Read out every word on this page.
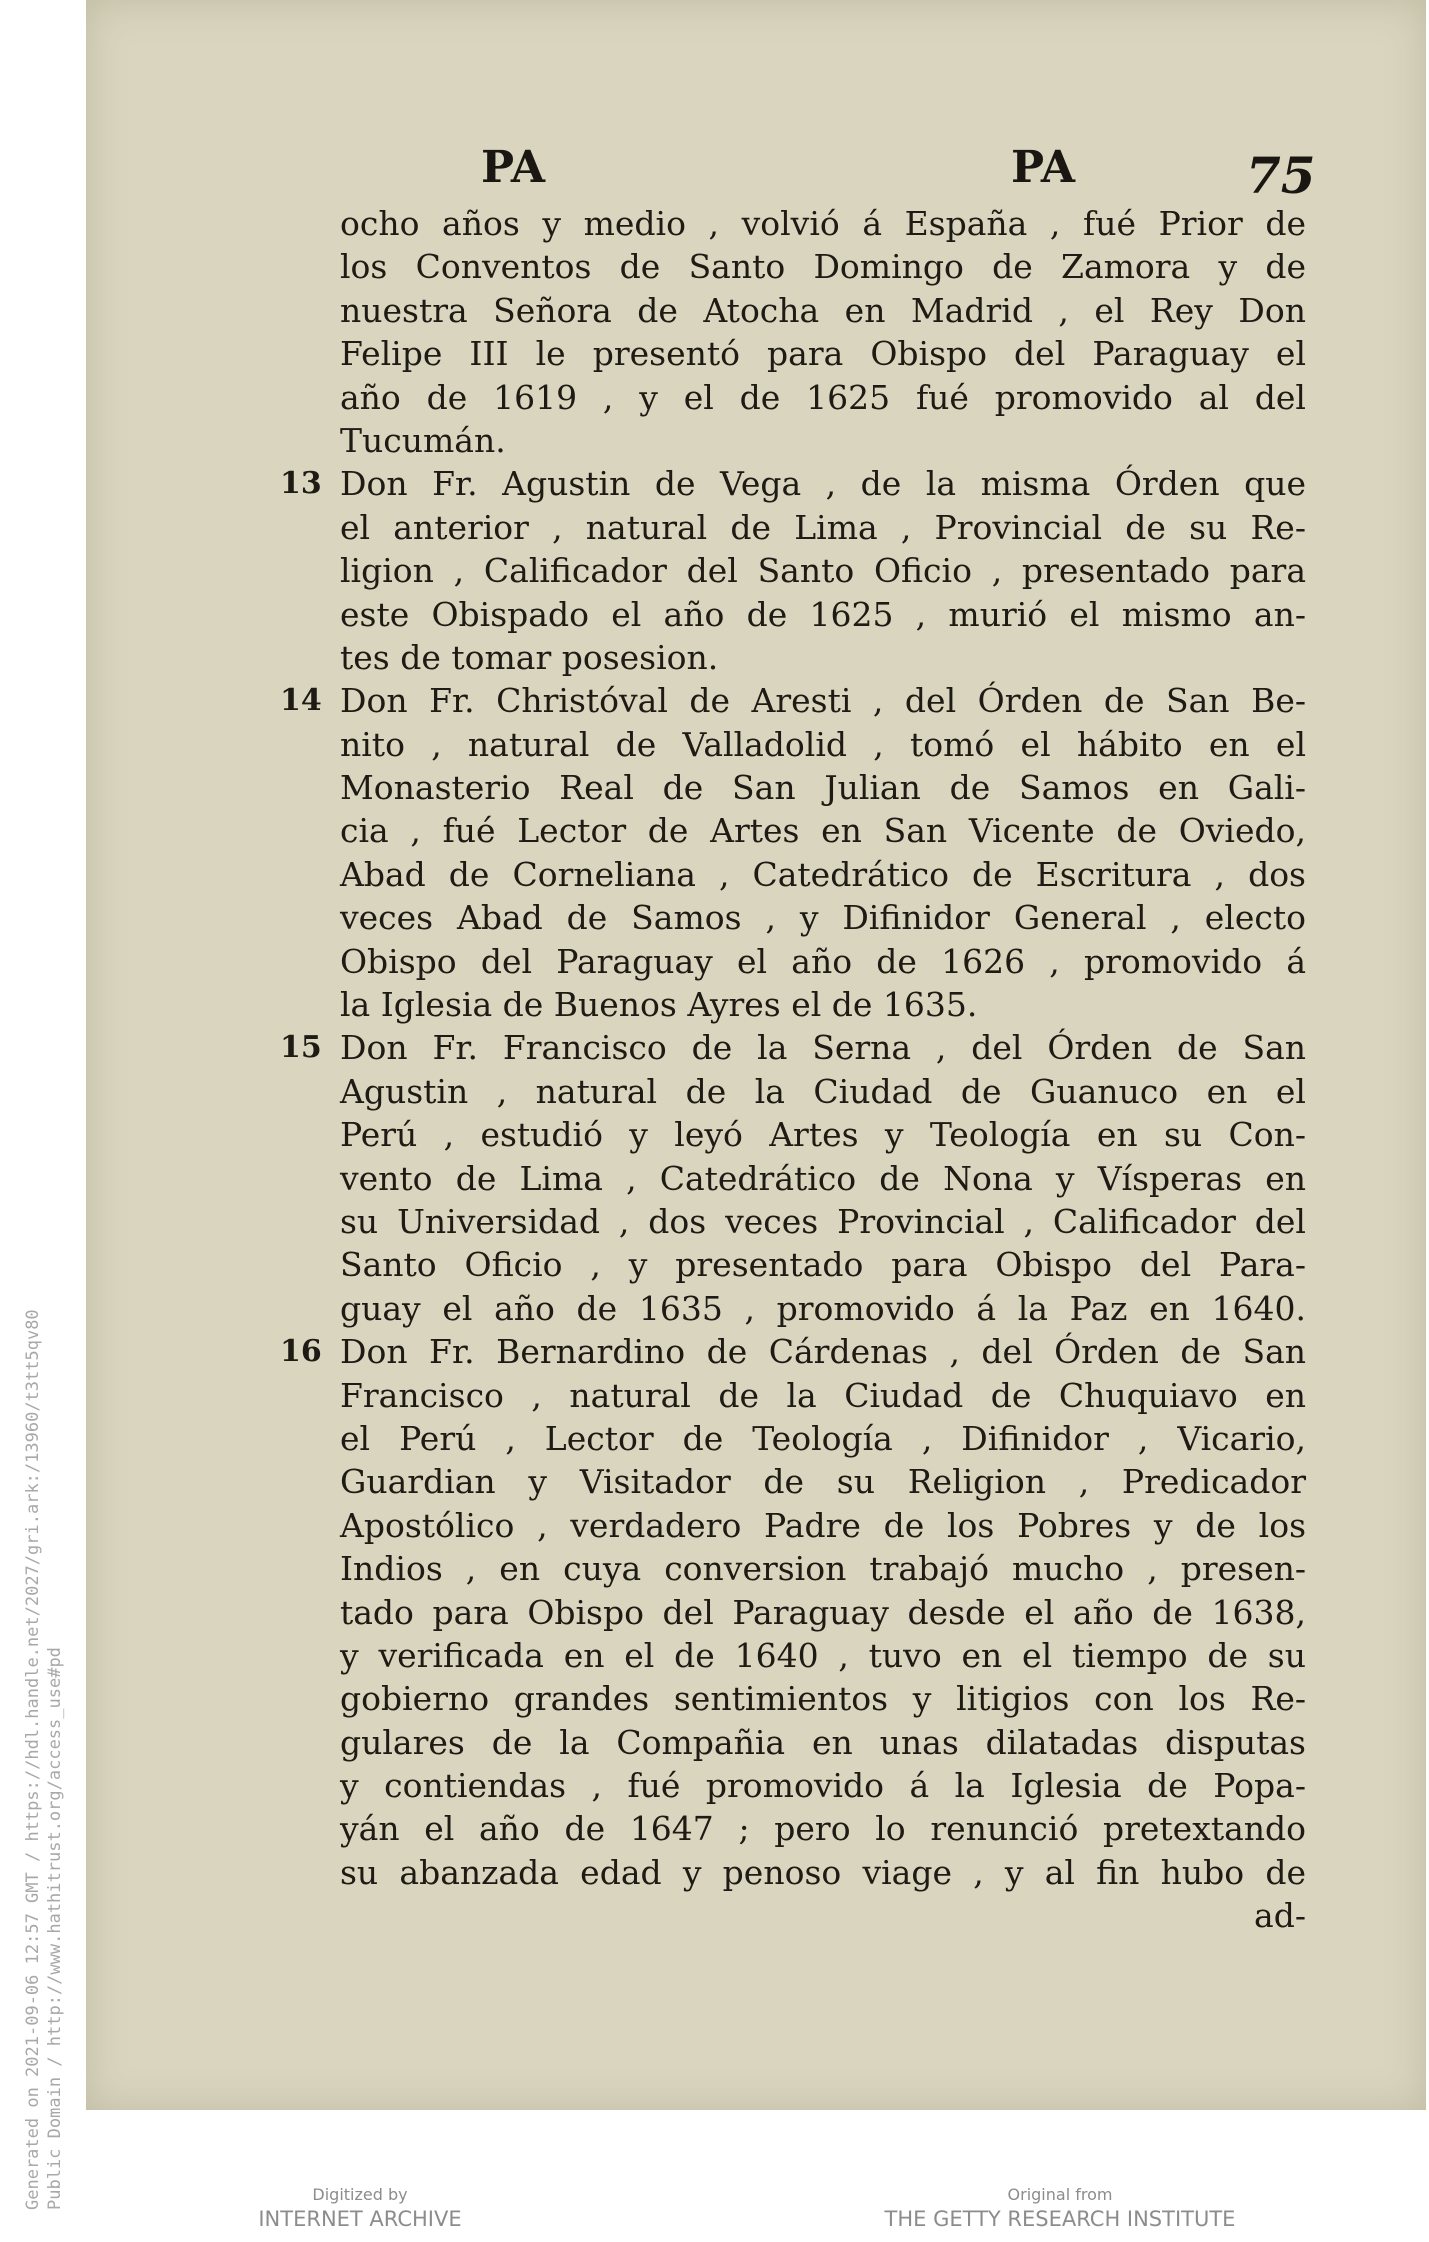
Generated on 2021-09-06 12:57 GMT / https://hdl.handle.net/2027/gri.ark:/13960/t3tt5qv80 Public Domain / http://www.hathitrust.org/access_use#pd
PA	PA	75
ocho años y medio , volvió á España , fué Prior de
los Conventos de Santo Domingo de Zamora y de
nuestra Señora de Atocha en Madrid , el Rey Don
Felipe III le presentó para Obispo del Paraguay el
año de 1619 , y el de 1625 fué promovido al del
Tucumán.
13 Don Fr. Agustin de Vega , de la misma Órden que
el anterior , natural de Lima , Provincial de su Re-
ligion , Calificador del Santo Oficio , presentado para
este Obispado el año de 1625 , murió el mismo an-
tes de tomar posesion.
14 Don Fr. Christóval de Aresti , del Órden de San Be-
nito , natural de Valladolid , tomó el hábito en el
Monasterio Real de San Julian de Samos en Gali-
cia , fué Lector de Artes en San Vicente de Oviedo,
Abad de Corneliana , Catedrático de Escritura , dos
veces Abad de Samos , y Difinidor General , electo
Obispo del Paraguay el año de 1626 , promovido á
la Iglesia de Buenos Ayres el de 1635.
15 Don Fr. Francisco de la Serna , del Órden de San
Agustin , natural de la Ciudad de Guanuco en el
Perú , estudió y leyó Artes y Teología en su Con-
vento de Lima , Catedrático de Nona y Vísperas en
su Universidad , dos veces Provincial , Calificador del
Santo Oficio , y presentado para Obispo del Para-
guay el año de 1635 , promovido á la Paz en 1640.
16 Don Fr. Bernardino de Cárdenas , del Órden de San
Francisco , natural de la Ciudad de Chuquiavo en
el Perú , Lector de Teología , Difinidor , Vicario,
Guardian y Visitador de su Religion , Predicador
Apostólico , verdadero Padre de los Pobres y de los
Indios , en cuya conversion trabajó mucho , presen-
tado para Obispo del Paraguay desde el año de 1638,
y verificada en el de 1640 , tuvo en el tiempo de su
gobierno grandes sentimientos y litigios con los Re-
gulares de la Compañia en unas dilatadas disputas
y contiendas , fué promovido á la Iglesia de Popa-
yán el año de 1647 ; pero lo renunció pretextando
su abanzada edad y penoso viage , y al fin hubo de
ad-
Digitized by
INTERNET ARCHIVE
Original from
THE GETTY RESEARCH INSTITUTE
